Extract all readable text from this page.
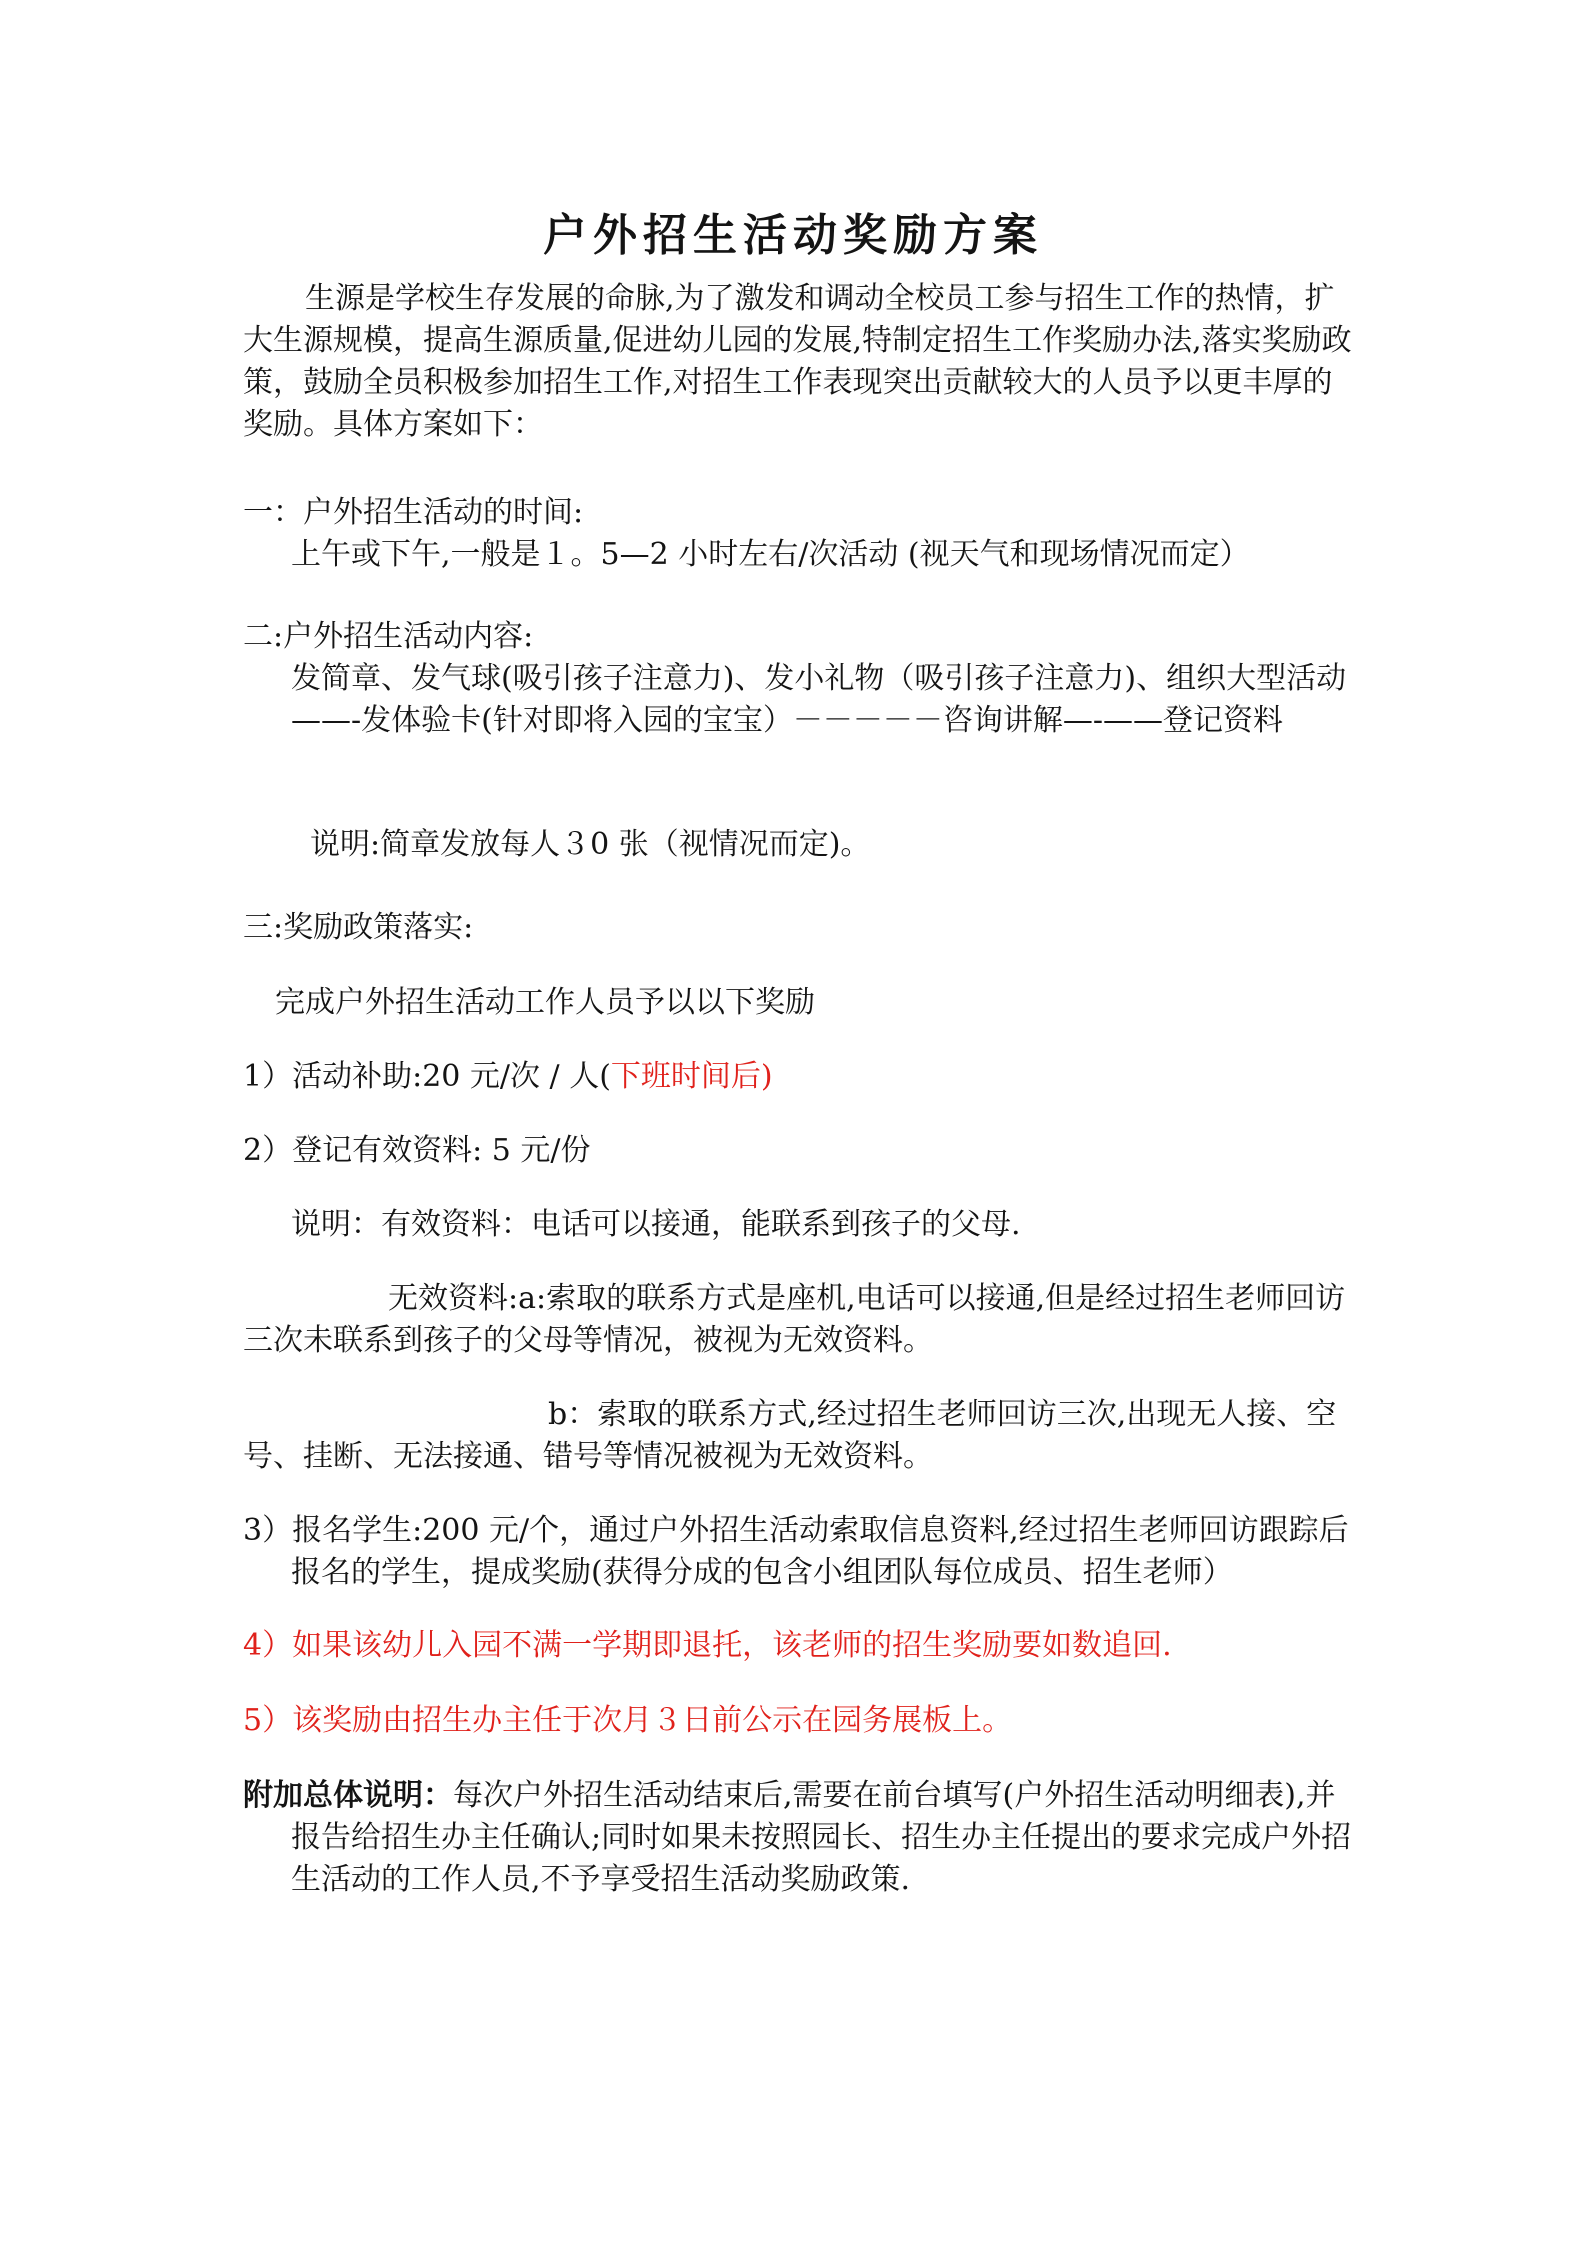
户外招生活动奖励方案

生源是学校生存发展的命脉,为了激发和调动全校员工参与招生工作的热情，扩大生源规模，提高生源质量,促进幼儿园的发展,特制定招生工作奖励办法,落实奖励政策，鼓励全员积极参加招生工作,对招生工作表现突出贡献较大的人员予以更丰厚的奖励。具体方案如下：

一：户外招生活动的时间:

上午或下午,一般是１。5—2 小时左右/次活动 (视天气和现场情况而定）

二:户外招生活动内容:

发简章、发气球(吸引孩子注意力)、发小礼物（吸引孩子注意力)、组织大型活动——-发体验卡(针对即将入园的宝宝）－－－－－咨询讲解—-——登记资料

说明:简章发放每人３0 张（视情况而定)。

三:奖励政策落实:

完成户外招生活动工作人员予以以下奖励

1）活动补助:20 元/次 / 人(下班时间后)

2）登记有效资料: 5 元/份

说明：有效资料：电话可以接通，能联系到孩子的父母.

无效资料:a:索取的联系方式是座机,电话可以接通,但是经过招生老师回访三次未联系到孩子的父母等情况，被视为无效资料。

b：索取的联系方式,经过招生老师回访三次,出现无人接、空号、挂断、无法接通、错号等情况被视为无效资料。

3）报名学生:200 元/个，通过户外招生活动索取信息资料,经过招生老师回访跟踪后报名的学生，提成奖励(获得分成的包含小组团队每位成员、招生老师）

4）如果该幼儿入园不满一学期即退托，该老师的招生奖励要如数追回.

5）该奖励由招生办主任于次月３日前公示在园务展板上。

附加总体说明：每次户外招生活动结束后,需要在前台填写(户外招生活动明细表),并报告给招生办主任确认;同时如果未按照园长、招生办主任提出的要求完成户外招生活动的工作人员,不予享受招生活动奖励政策.
